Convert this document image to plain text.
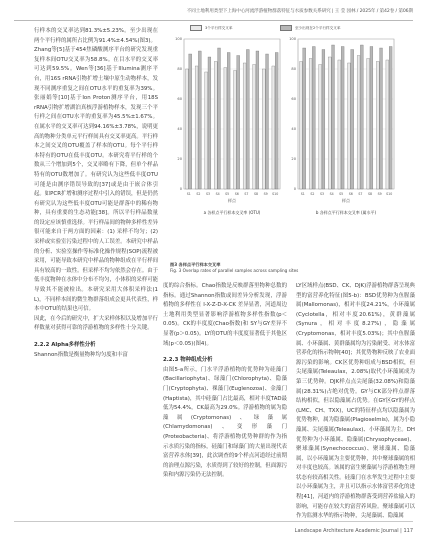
不同土地利用类型下上海中心河流浮游植物群落特征与水质参数关系研究 | 王 莹 园林 / 2025年 / 第42卷 / 第06期

行样本的交叉率达到81.3%±5.23%。至少出现在两个平行样的属所占比例为91.4%±4.54%(图3)。

Zhang等[5]基于454焦磷酸测序平台的研究发现重复样本间OTU交叉率为58.8%。在目水平的交叉率可达到59.5%。Wen等[36]基于Illumina测序平台，用16S rRNA引物扩增土壤中原生动物样本，发现不同测序重复之间在OTU水平的重复率为39%。张丽娟等[10]基于Ion Proton测序平台，用18S rRNA引物扩增湖泊真核浮游植物样本，发现三个平行样之间在OTU水平的重复率为45.5%±1.67%。在属水平的交叉率可达到94.16%±3.78%，说明更高的物种分类单元平行样间具有交叉率更高。平行样本之间交叉的OTU覆盖了样本的OTU。每个平行样本特有的OTU在低丰度OTU。本研究将平行样的个数从三个增加到5个，交叉率略有下降，但单个样品特有的OTU数增加了。有研究认为这些低丰度OTU可能是由测序错误导致的[37]或是由于嵌合体引起。如PCR扩增和测序过程中引入的错误，但是仍然有研究认为这些低丰度OTU可能是群落中的稀有物种，具有重要的生态功能[38]。所以平行样品数量的设定应该慎重选择。平行样品间的物种多样性差异很可能来自于两方面的因素：(1) 采样不均匀；(2) 采样或实验室污染过程中的人工误差。本研究中样品的分析、实验室操作等标准化操作规程(SOP)流程被采用，可能导致本研究中样品的物种组成在平行样间具有较高的一致性。但采样不均匀依然会存在。由于低丰度物种在水体中分布不均匀，小体积的采样可能导致其不能被检出。本研究采用大体积采样法(1 L)，不同样本间的微生物群落组成会更具代表性，样本中OTU的结果也可信。

因此，在今后的研究中，扩大采样体积以及增加平行样数量对获得可靠的浮游植物的多样性十分关键。

2.2.2 Alpha多样性分析

Shannon指数是衡量物种均匀度和丰富

3个平行样交叉率	至少出现在2个平行样交叉率
0
20
40
60
80
100
S1 S2 S3 S4 S5 S6 S7 S8 S9 S10
样点
a 各样点平行样本交叉率 (OTU)
0
20
40
60
80
100
S1 S2 S3 S4 S5 S6 S7 S8 S9 S10
样点
b 各样点平行样本交叉率 (属水平)
图3 各样点平行样本交叉率
Fig. 3 Overlap rates of parallel samples across sampling sites

度的综合指标。Chao指数是反映群落里物种总数的指标。通过Shannon指数或间差异分析发现，浮游植物的多样性在 I-X-Z-D-X-CK 差异显著，河道周边土地利用类型显著影响浮游植物多样性指数(p＜0.05)。CK的丰度度(Chao指数)和 SY与GY差异不显著(p＞0.05)。LY的OTU的丰度度显著低于其他区域(p＜0.05)(图4)。

2.2.3 物种组成分析

由图5-a所示，门水平浮游植物的优势种为硅藻门(Bacillariophyta)、绿藻门(Chlorophyta)、隐藻门(Cryptophyta)、裸藻门(Euglenozoa)、金藻门(Haptista)，其中硅藻门占比最高，相对丰度TAD最低为54.4%，CK最高为29.0%。浮游植物的属为隐藻属(Cryptomonas)、绿藻属(Chlamydomonas)、变形藻门(Proteobacteria)、将浮游植物优势种群的作为指示水质污染的指标，硅藻门和绿藻门的大量出现代表富营养水体[39]，此次调查的9个样点河道经过前期的治理点源污染，水质得到了较好的控制，但面源污染和内源污染仍无法控制。

LY区域样点(BSD、CK、DJK)浮游植物群落呈现典型的富营养化特征(图5-b)：BSD优势种为鱼腥藻属(Mallomonas)，相对丰度24.21%，小环藻属(Cyclotella，相对丰度20.61%)，黄群藻属(Synura，相对丰度8.27%)，隐藻属(Cryptomonas，相对丰度5.03%)；其中鱼腥藻属、小环藻属、黄群藻属均为污染耐受、对水体富营养化的指示物种[40]；其优势物种反映了农业面源污染的影响。CK区优势种组成与BSD相似，但尖尾藻属(Teleaulax，2.08%)取代小环藻属成为第三优势种。DJK样点点尖尾藻(32.08%)和隐藻属(28.31%)占绝对优势。GY与CK部分样点群落结构相似，但以隐藻属占优势。在GY区GY的样点(LMC、CH、TXX)，UC的特征样点均以隐藻属为优势物种，属为隐藻属(Plagioselmis)，属为小隐藻属、尖尾藻属(Teleaulax)、小环藻属为主。DH优势种为小环藻属、隐藻属(Chrysophyceae)、聚球藻属(Synechococcus)、聚球藻属、隐藻属，以小环藻属为主要优势种，其中聚球藻属的相对丰度也较高。该属的富生聚藻属与浮游植物生理状态有较高相关性。硅藻门在水华发生过程中主要以小环藻属为主，并且可以指示水体富营养化的进程[41]，河道内的浮游植物群落受到营养盐输入的影响，可能存在较大的富营养风险。聚球藻属可以作为监测水华的指示物种，尖尾藻属、隐藻属

Landscape Architecture Academic Journal | 117
